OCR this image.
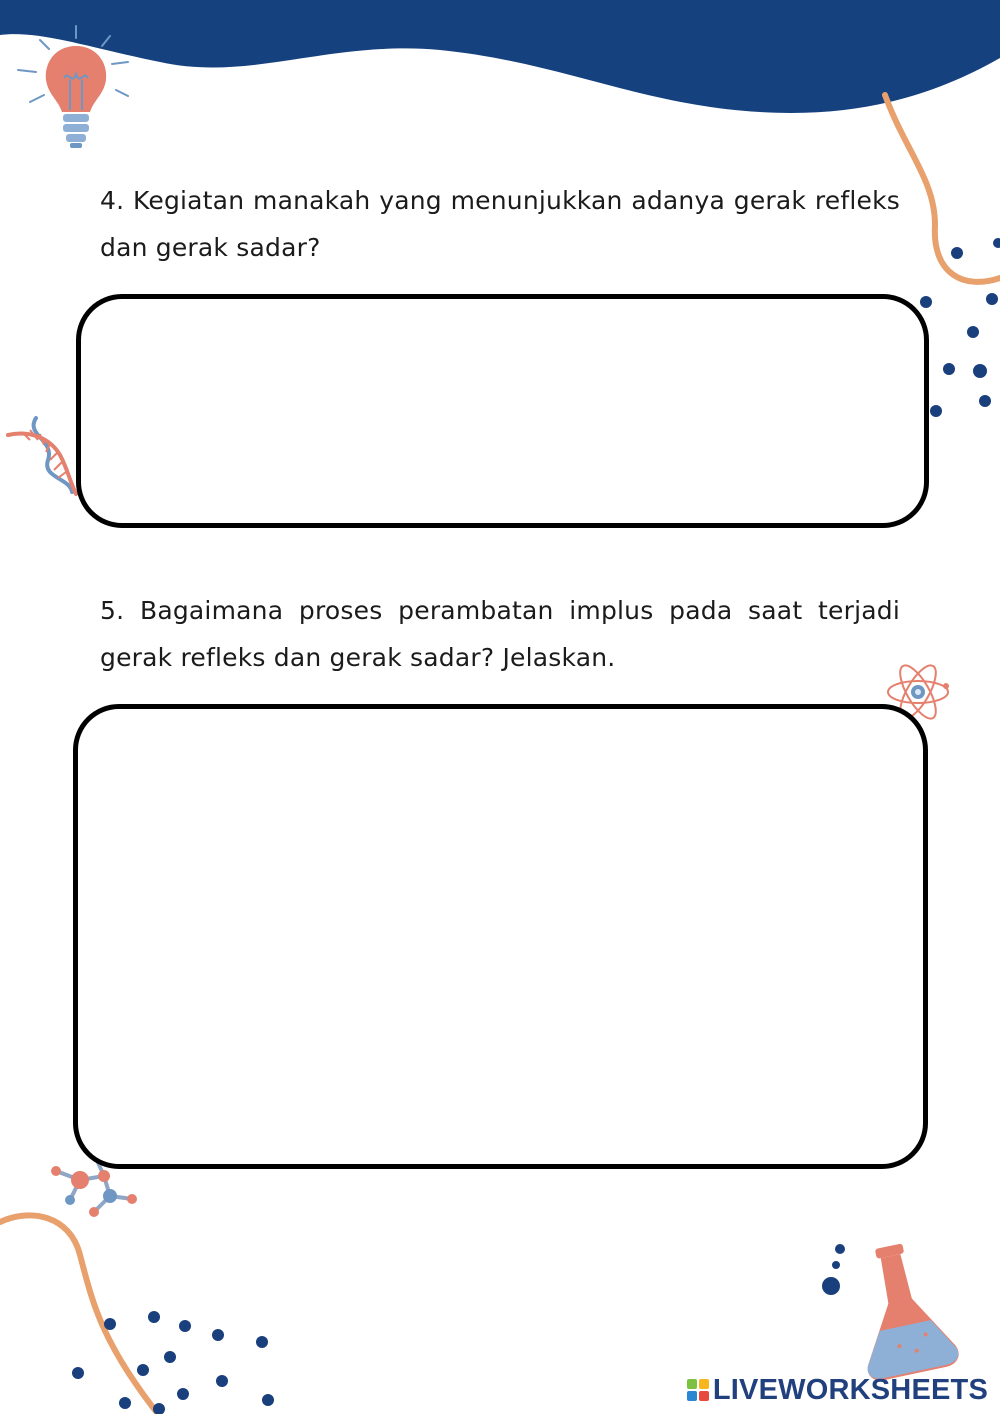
4. Kegiatan manakah yang menunjukkan adanya gerak refleks dan gerak sadar?
5. Bagaimana proses perambatan implus pada saat terjadi gerak refleks dan gerak sadar? Jelaskan.
LIVEWORKSHEETS
